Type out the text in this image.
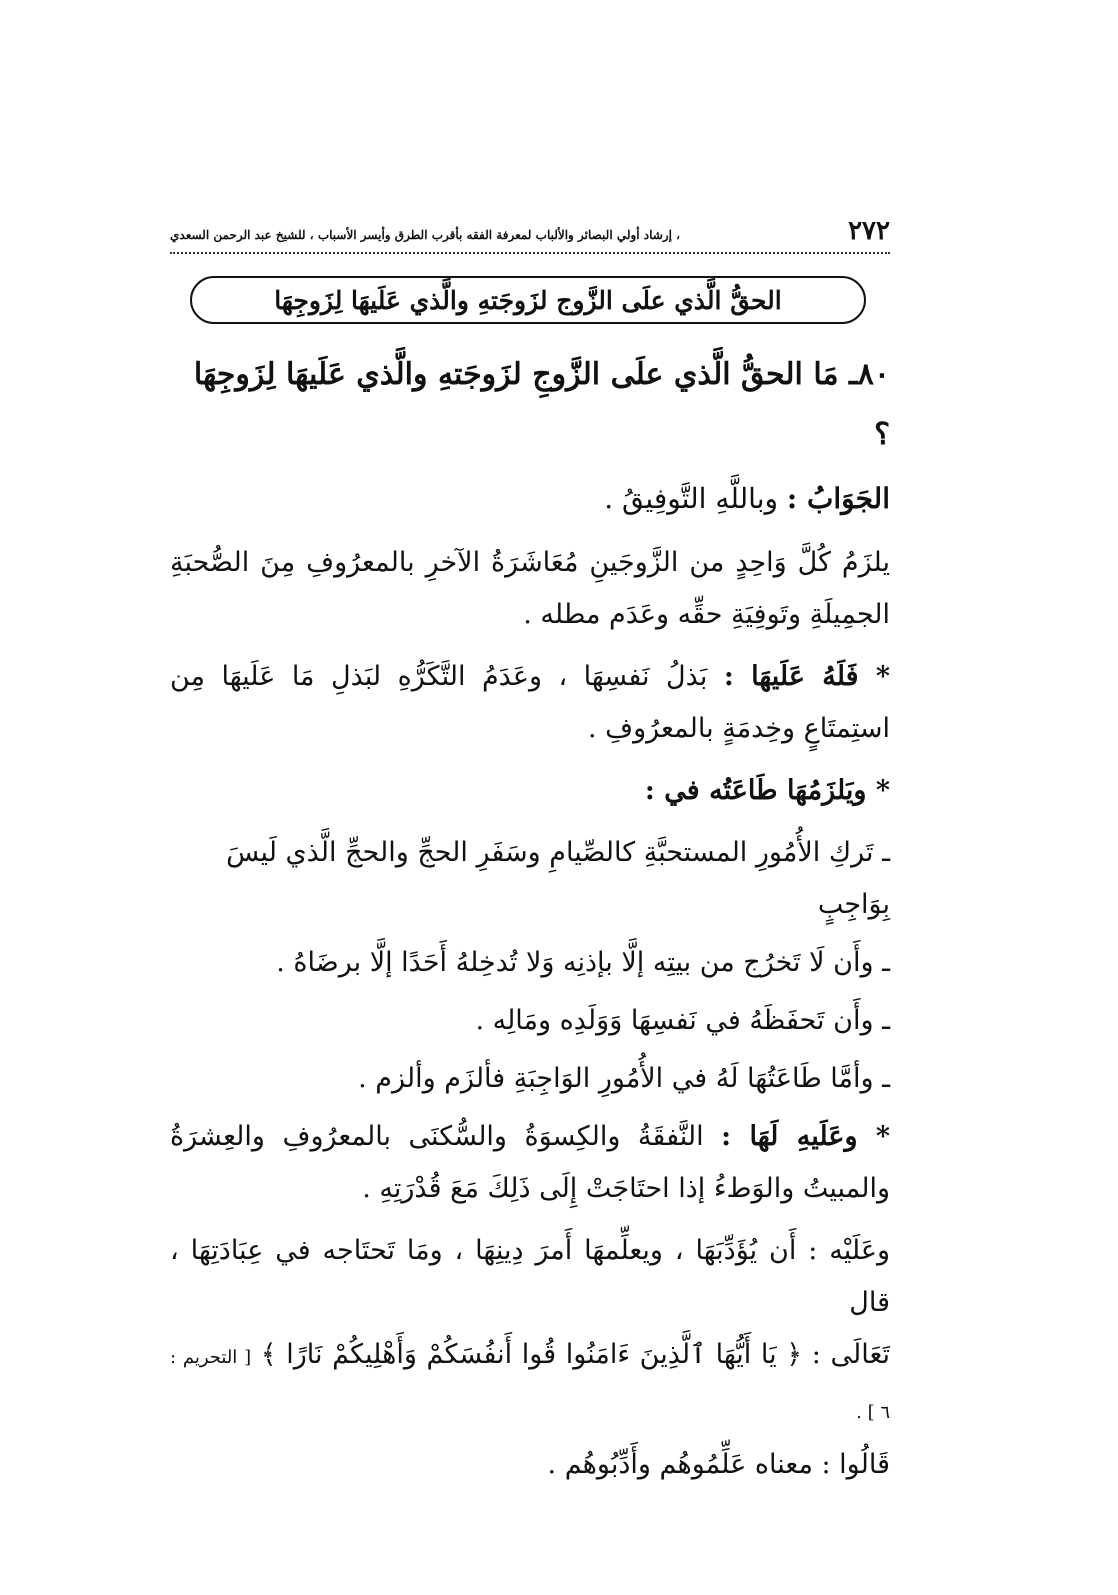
٢٧٢
، إرشاد أولي البصائر والألباب لمعرفة الفقه بأقرب الطرق وأيسر الأسباب ، للشيخ عبد الرحمن السعدي
الحقُّ الَّذي علَى الزَّوج لزَوجَتهِ والَّذي عَلَيهَا لِزَوجِهَا

٨٠ـ مَا الحقُّ الَّذي علَى الزَّوجِ لزَوجَتهِ والَّذي عَلَيهَا لِزَوجِهَا ؟

الجَوَابُ : وباللَّهِ التَّوفِيقُ .

يلزَمُ كُلَّ وَاحِدٍ من الزَّوجَينِ مُعَاشَرَةُ الآخرِ بالمعرُوفِ مِنَ الصُّحبَةِ الجمِيلَةِ وتَوفِيَةِ حقِّه وعَدَم مطله .

* فَلَهُ عَلَيهَا : بَذلُ نَفسِهَا ، وعَدَمُ التَّكَرُّهِ لبَذلِ مَا عَلَيهَا مِن استِمتَاعٍ وخِدمَةٍ بالمعرُوفِ .

* ويَلزَمُهَا طَاعَتُه في :

ـ تَركِ الأُمُورِ المستحبَّةِ كالصِّيامِ وسَفَرِ الحجِّ والحجِّ الَّذي لَيسَ بِوَاجِبٍ

ـ وأَن لَا تَخرُج من بيتِه إلَّا بإذنِه وَلا تُدخِلهُ أَحَدًا إلَّا برضَاهُ .

ـ وأَن تَحفَظَهُ في نَفسِهَا وَوَلَدِه ومَالِه .

ـ وأمَّا طَاعَتُهَا لَهُ في الأُمُورِ الوَاجِبَةِ فألزَم وألزم .

* وعَلَيهِ لَهَا : النَّفقَةُ والكِسوَةُ والسُّكنَى بالمعرُوفِ والعِشرَةُ والمبيتُ والوَطءُ إذا احتَاجَتْ إِلَى ذَلِكَ مَعَ قُدْرَتِهِ .

وعَلَيْه : أَن يُؤَدِّبَهَا ، ويعلِّمهَا أَمرَ دِينِهَا ، ومَا تَحتَاجه في عِبَادَتِهَا ، قال

تَعَالَى : ﴿ يَا أَيُّهَا ٱلَّذِينَ ءَامَنُوا قُوا أَنفُسَكُمْ وَأَهْلِيكُمْ نَارًا ﴾ [ التحريم : ٦ ] .

قَالُوا : معناه عَلِّمُوهُم وأَدِّبُوهُم .
